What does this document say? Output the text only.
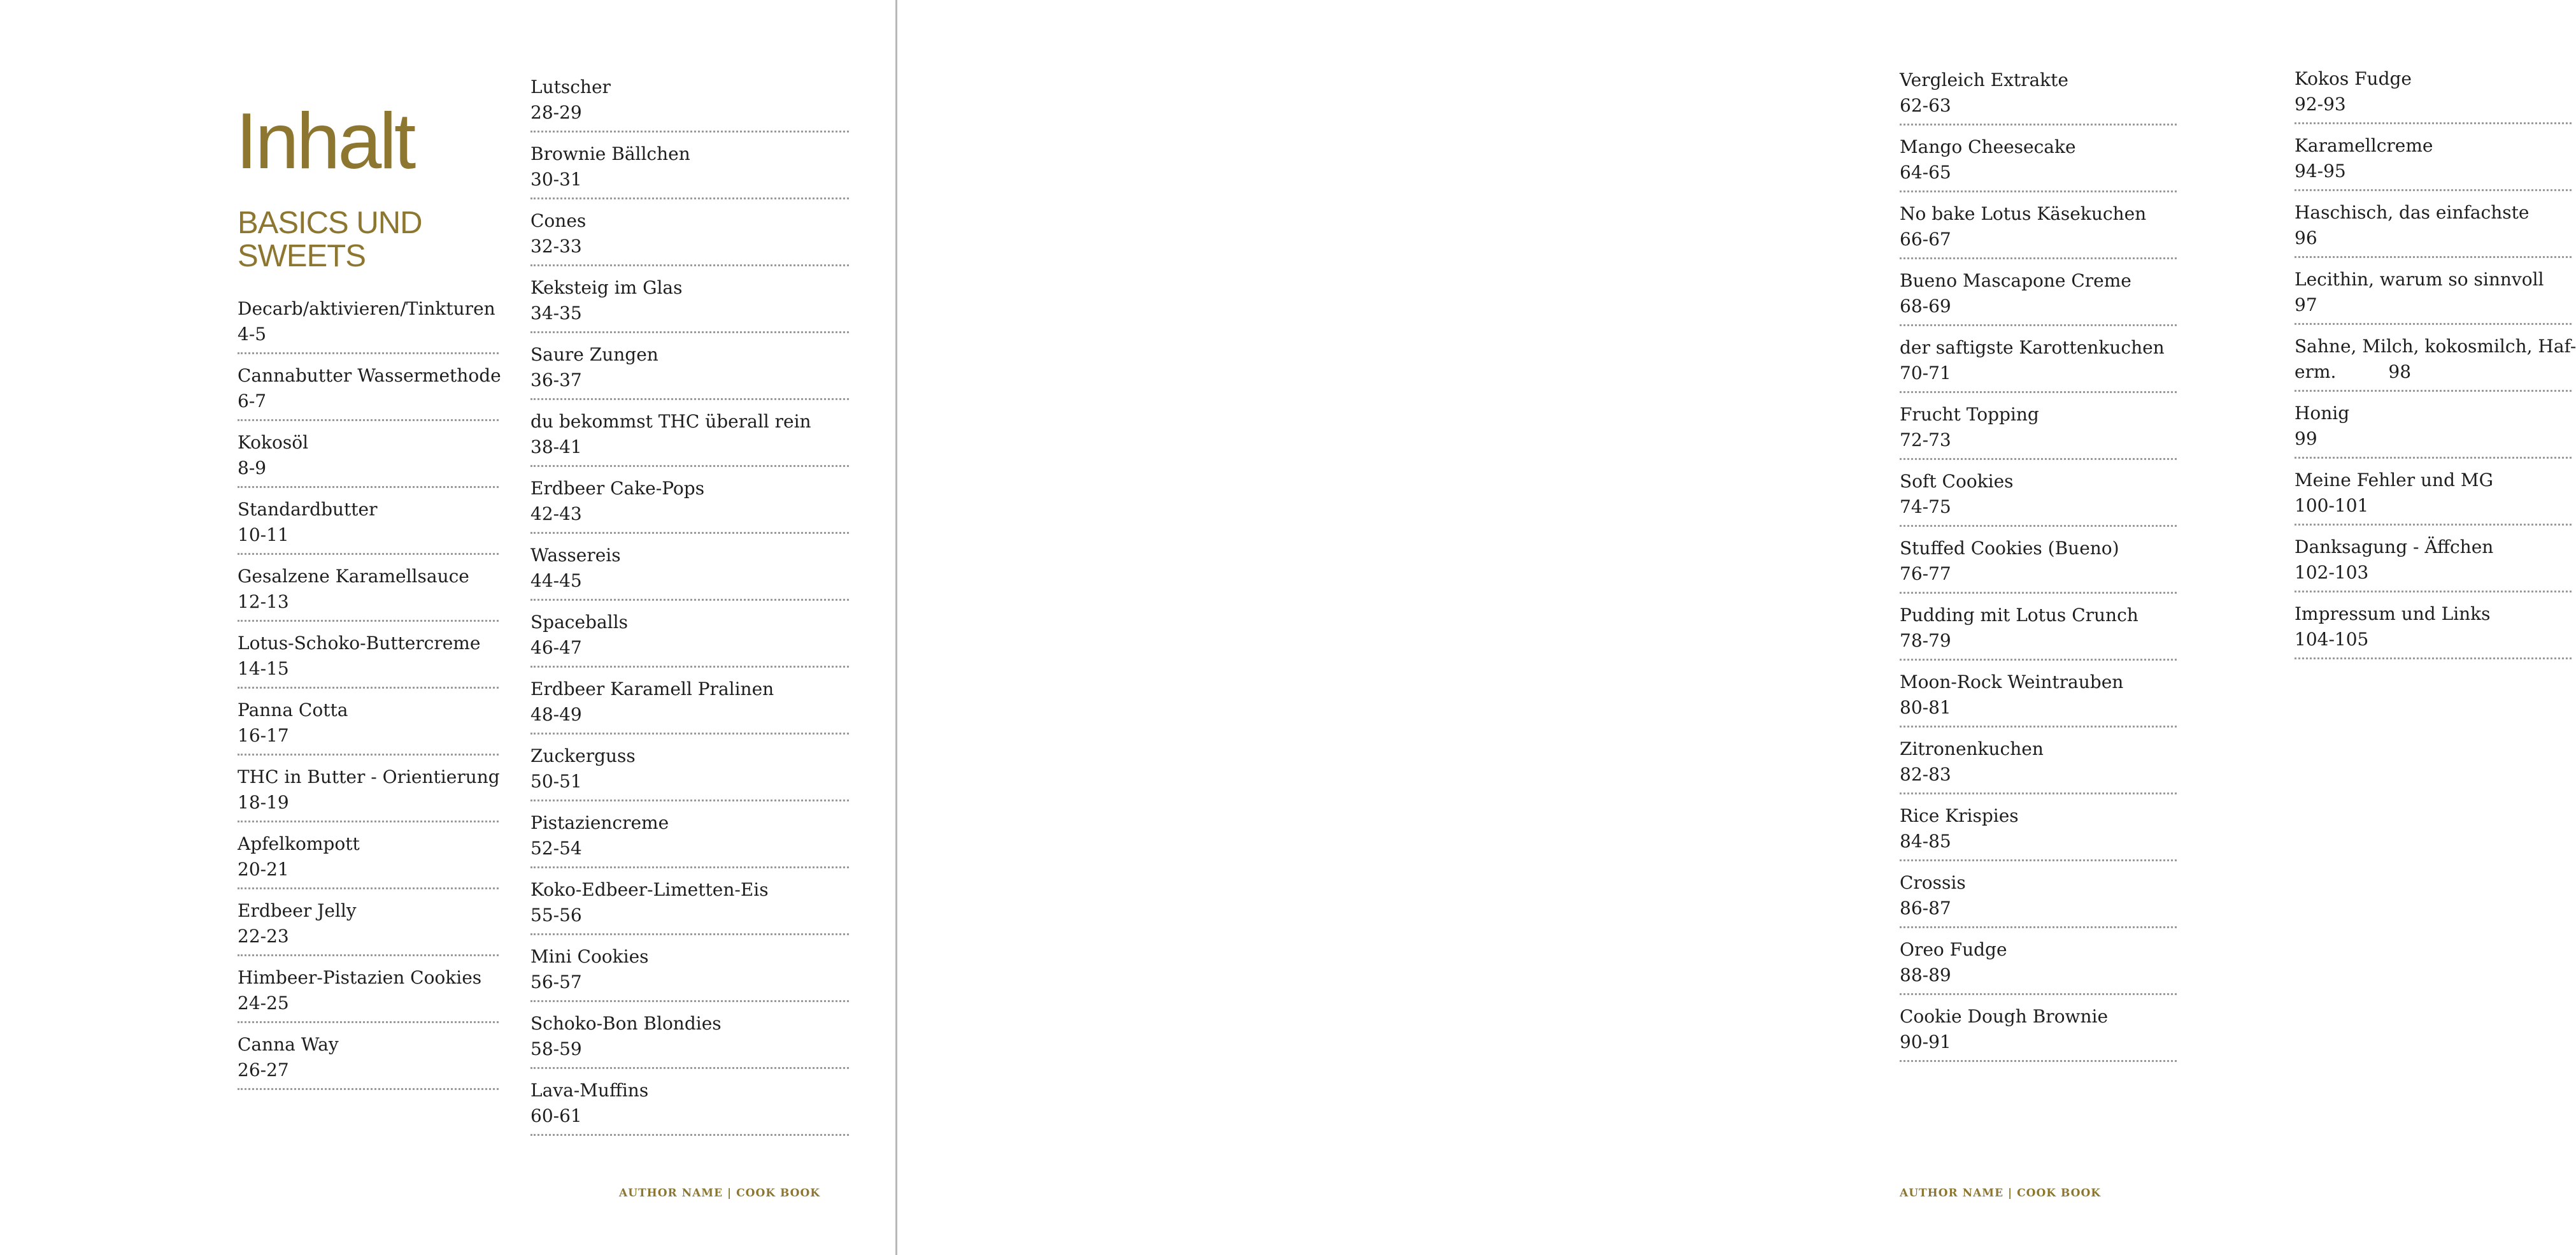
Inhalt
BASICS UND SWEETS
Decarb/aktivieren/Tinkturen
4-5
Cannabutter Wassermethode
6-7
Kokosöl
8-9
Standardbutter
10-11
Gesalzene Karamellsauce
12-13
Lotus-Schoko-Buttercreme
14-15
Panna Cotta
16-17
THC in Butter - Orientierung
18-19
Apfelkompott
20-21
Erdbeer Jelly
22-23
Himbeer-Pistazien Cookies
24-25
Canna Way
26-27
Lutscher
28-29
Brownie Bällchen
30-31
Cones
32-33
Keksteig im Glas
34-35
Saure Zungen
36-37
du bekommst THC überall rein
38-41
Erdbeer Cake-Pops
42-43
Wassereis
44-45
Spaceballs
46-47
Erdbeer Karamell Pralinen
48-49
Zuckerguss
50-51
Pistaziencreme
52-54
Koko-Edbeer-Limetten-Eis
55-56
Mini Cookies
56-57
Schoko-Bon Blondies
58-59
Lava-Muffins
60-61
AUTHOR NAME | COOK BOOK
Vergleich Extrakte
62-63
Mango Cheesecake
64-65
No bake Lotus Käsekuchen
66-67
Bueno Mascapone Creme
68-69
der saftigste Karottenkuchen
70-71
Frucht Topping
72-73
Soft Cookies
74-75
Stuffed Cookies (Bueno)
76-77
Pudding mit Lotus Crunch
78-79
Moon-Rock Weintrauben
80-81
Zitronenkuchen
82-83
Rice Krispies
84-85
Crossis
86-87
Oreo Fudge
88-89
Cookie Dough Brownie
90-91
Kokos Fudge
92-93
Karamellcreme
94-95
Haschisch, das einfachste
96
Lecithin, warum so sinnvoll
97
Sahne, Milch, kokosmilch, Haf-
erm.	98
Honig
99
Meine Fehler und MG
100-101
Danksagung - Äffchen
102-103
Impressum und Links
104-105
AUTHOR NAME | COOK BOOK
